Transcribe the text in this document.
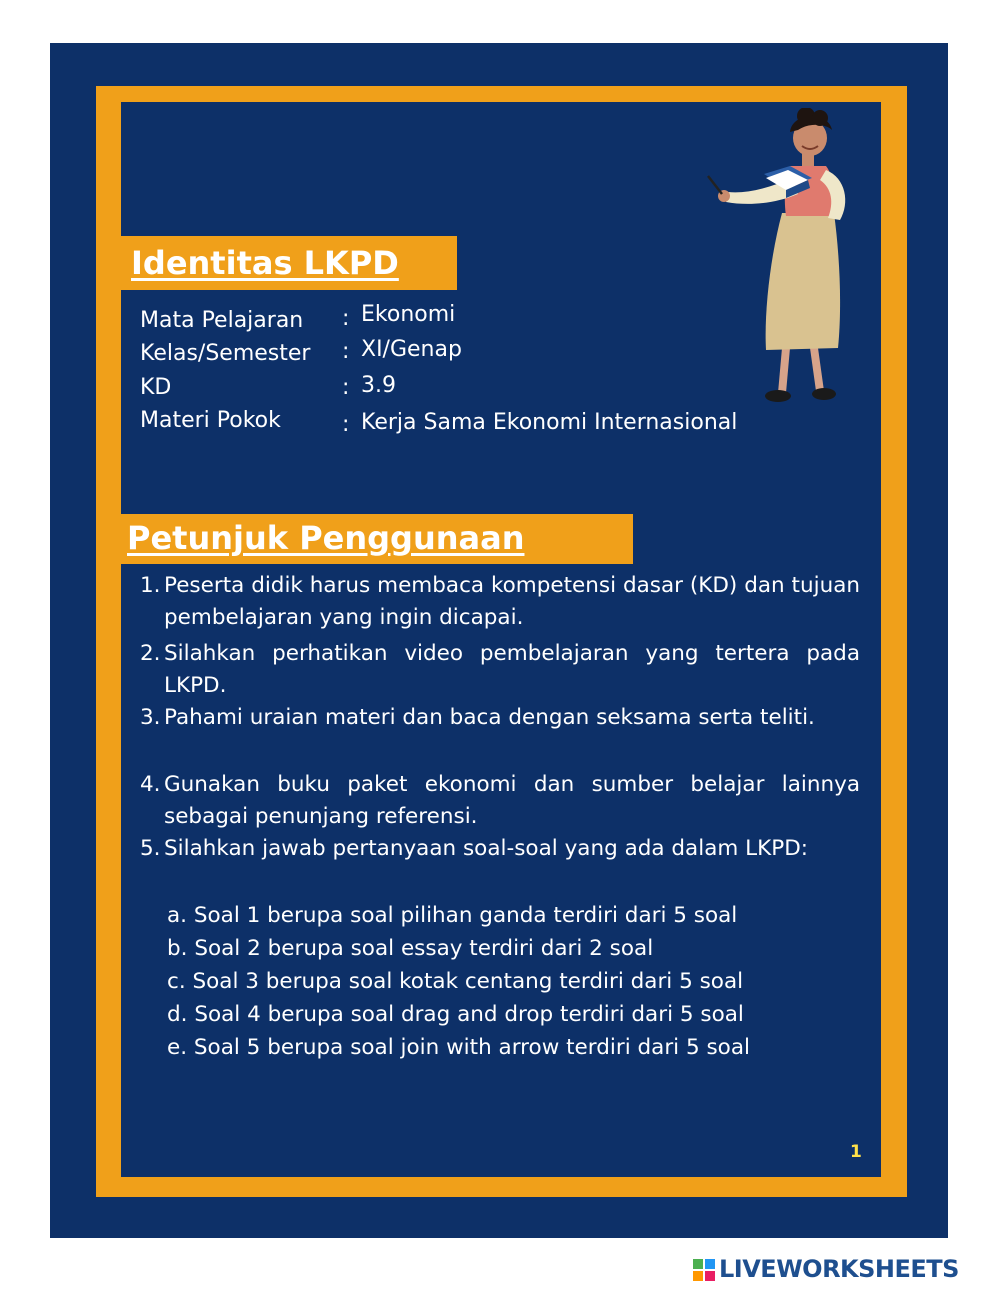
Identitas LKPD
Mata Pelajaran : Ekonomi
Kelas/Semester : XI/Genap
KD	: 3.9
Materi Pokok	: Kerja Sama Ekonomi Internasional
Petunjuk Penggunaan
1. Peserta didik harus membaca kompetensi dasar (KD) dan tujuan pembelajaran yang ingin dicapai.
2. Silahkan perhatikan video pembelajaran yang tertera pada LKPD.
3. Pahami uraian materi dan baca dengan seksama serta teliti.
4. Gunakan buku paket ekonomi dan sumber belajar lainnya sebagai penunjang referensi.
5. Silahkan jawab pertanyaan soal-soal yang ada dalam LKPD:
a. Soal 1 berupa soal pilihan ganda terdiri dari 5 soal
b. Soal 2 berupa soal essay terdiri dari 2 soal
c. Soal 3 berupa soal kotak centang terdiri dari 5 soal
d. Soal 4 berupa soal drag and drop terdiri dari 5 soal
e. Soal 5 berupa soal join with arrow terdiri dari 5 soal
1
LIVEWORKSHEETS
